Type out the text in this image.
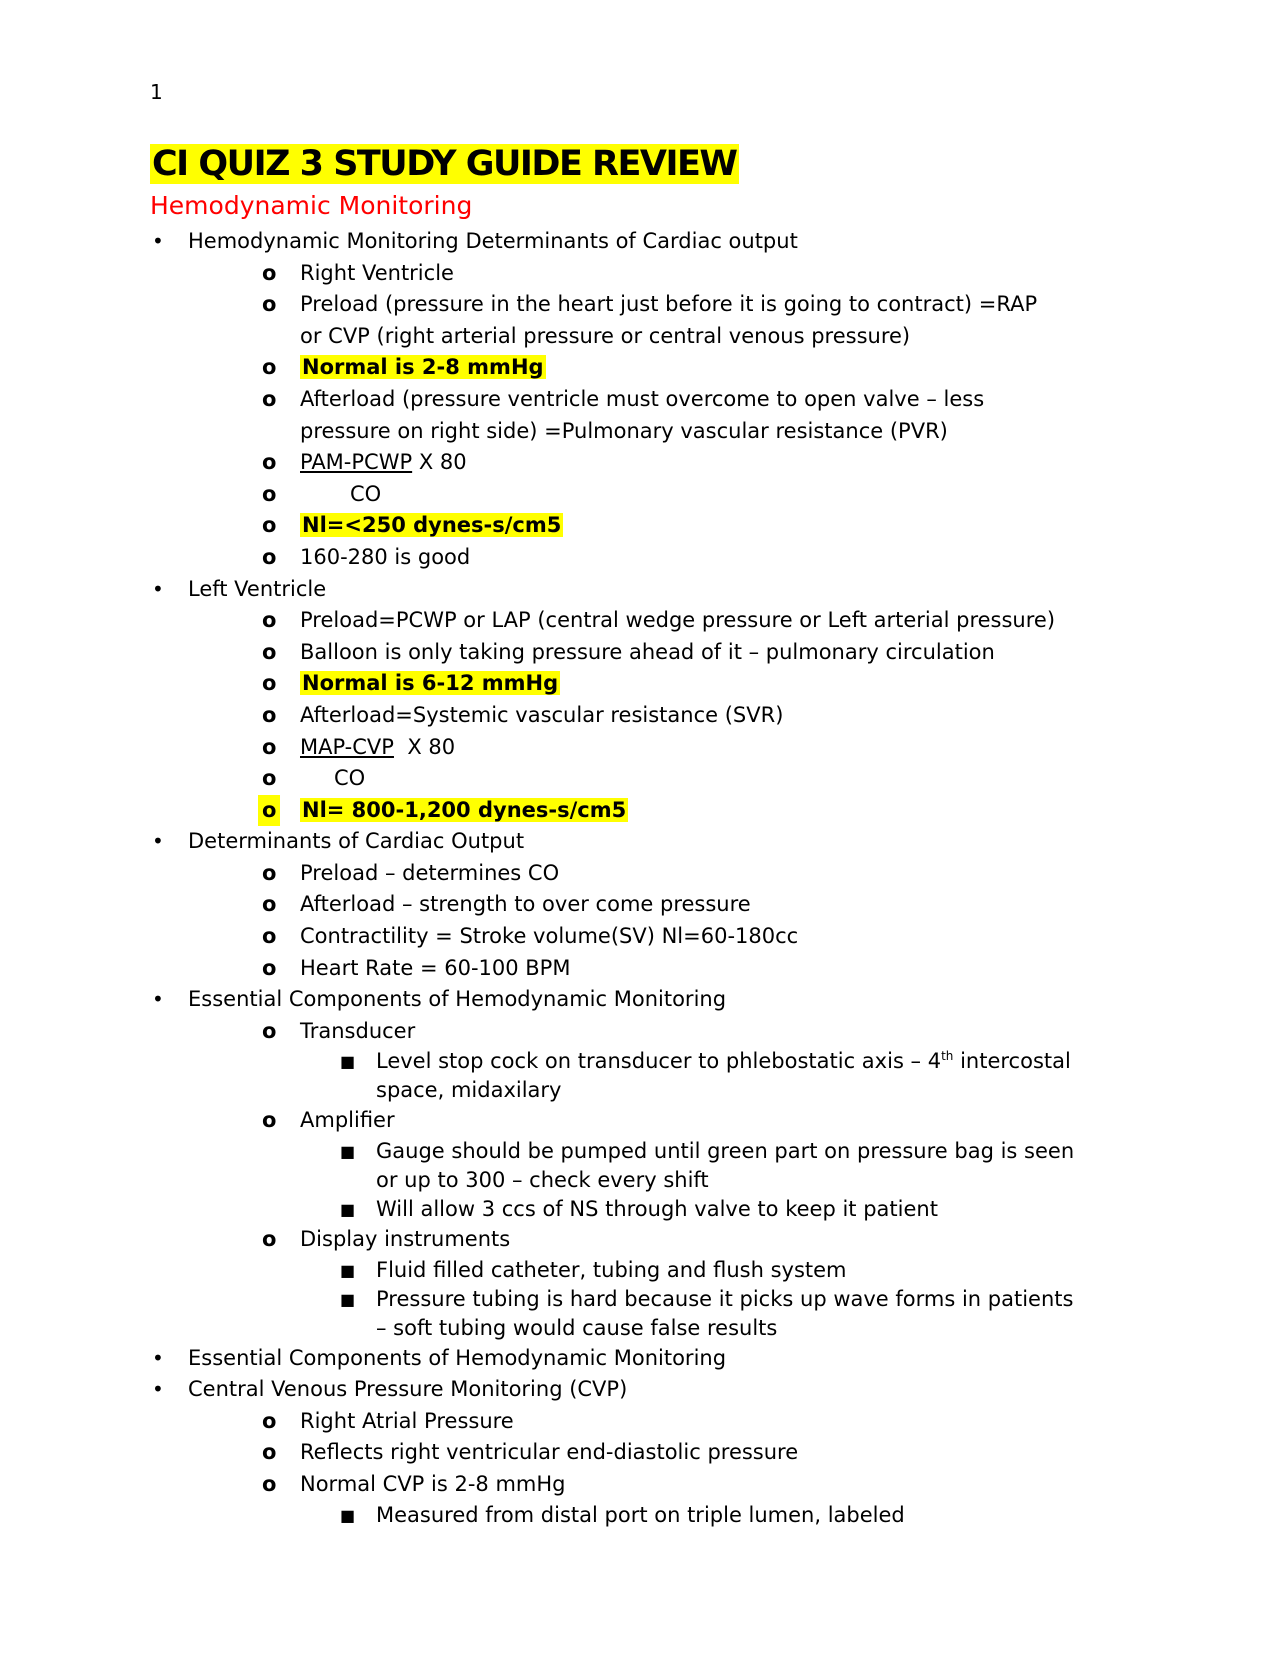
1
CI QUIZ 3 STUDY GUIDE REVIEW
Hemodynamic Monitoring
• Hemodynamic Monitoring Determinants of Cardiac output
o Right Ventricle
o Preload (pressure in the heart just before it is going to contract) =RAP or CVP (right arterial pressure or central venous pressure)
o Normal is 2-8 mmHg
o Afterload (pressure ventricle must overcome to open valve – less pressure on right side) =Pulmonary vascular resistance (PVR)
o PAM-PCWP X 80
o	CO
o Nl=<250 dynes-s/cm5
o 160-280 is good
• Left Ventricle
o Preload=PCWP or LAP (central wedge pressure or Left arterial pressure)
o Balloon is only taking pressure ahead of it – pulmonary circulation
o Normal is 6-12 mmHg
o Afterload=Systemic vascular resistance (SVR)
o MAP-CVP  X 80
o	CO
o Nl= 800-1,200 dynes-s/cm5
• Determinants of Cardiac Output
o Preload – determines CO
o Afterload – strength to over come pressure
o Contractility = Stroke volume(SV) Nl=60-180cc
o Heart Rate = 60-100 BPM
• Essential Components of Hemodynamic Monitoring
o Transducer
■ Level stop cock on transducer to phlebostatic axis – 4th intercostal space, midaxilary
o Amplifier
■ Gauge should be pumped until green part on pressure bag is seen or up to 300 – check every shift
■ Will allow 3 ccs of NS through valve to keep it patient
o Display instruments
■ Fluid filled catheter, tubing and flush system
■ Pressure tubing is hard because it picks up wave forms in patients – soft tubing would cause false results
• Essential Components of Hemodynamic Monitoring
• Central Venous Pressure Monitoring (CVP)
o Right Atrial Pressure
o Reflects right ventricular end-diastolic pressure
o Normal CVP is 2-8 mmHg
■ Measured from distal port on triple lumen, labeled
